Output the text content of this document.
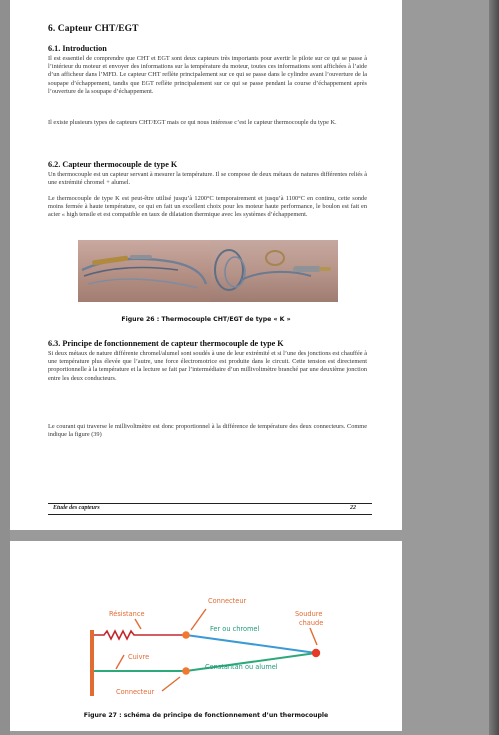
6. Capteur CHT/EGT
6.1. Introduction
Il est essentiel de comprendre que CHT et EGT sont deux capteurs très importants pour avertir le pilote sur ce qui se passe à l’intérieur du moteur et envoyer des informations sur la température du moteur, toutes ces informations sont affichées à l’aide d’un afficheur dans l’MFD. Le capteur CHT reflète principalement sur ce qui se passe dans le cylindre avant l’ouverture de la soupape d’échappement, tandis que EGT reflète principalement sur ce qui se passe pendant la course d’échappement après l’ouverture de la soupape d’échappement.
Il existe plusieurs types de capteurs CHT/EGT mais ce qui nous intéresse c’est le capteur thermocouple du type K.
6.2. Capteur thermocouple de type K
Un thermocouple est un capteur servant à mesurer la température. Il se compose de deux métaux de natures différentes reliés à une extrémité chromel + alumel.
Le thermocouple de type K est peut-être utilisé jusqu’à 1200°C temporairement et jusqu’à 1100°C en continu, cette sonde moins fermée à haute température, ce qui en fait un excellent choix pour les moteur haute performance, le boulon est fait en acier « high tensile et est compatible en taux de dilatation thermique avec les systèmes d’échappement.
Figure 26 : Thermocouple CHT/EGT de type « K »
6.3. Principe de fonctionnement de capteur thermocouple de type K
Si deux métaux de nature différente chromel/alumel sont soudés à une de leur extrémité et si l’une des jonctions est chauffée à une température plus élevée que l’autre, une force électromotrice est produite dans le circuit. Cette tension est directement proportionnelle à la température et la lecture se fait par l’intermédiaire d’un millivoltmètre branché par une deuxième jonction entre les deux conducteurs.
Le courant qui traverse le millivoltmètre est donc proportionnel à la différence de température des deux connecteurs. Comme indique la figure (39)
Etude des capteurs	22
Connecteur
Résistance	Soudure chaude
Fer ou chromel
Cuivre
Constantan ou alumel
Connecteur
Figure 27 : schéma de principe de fonctionnement d’un thermocouple
